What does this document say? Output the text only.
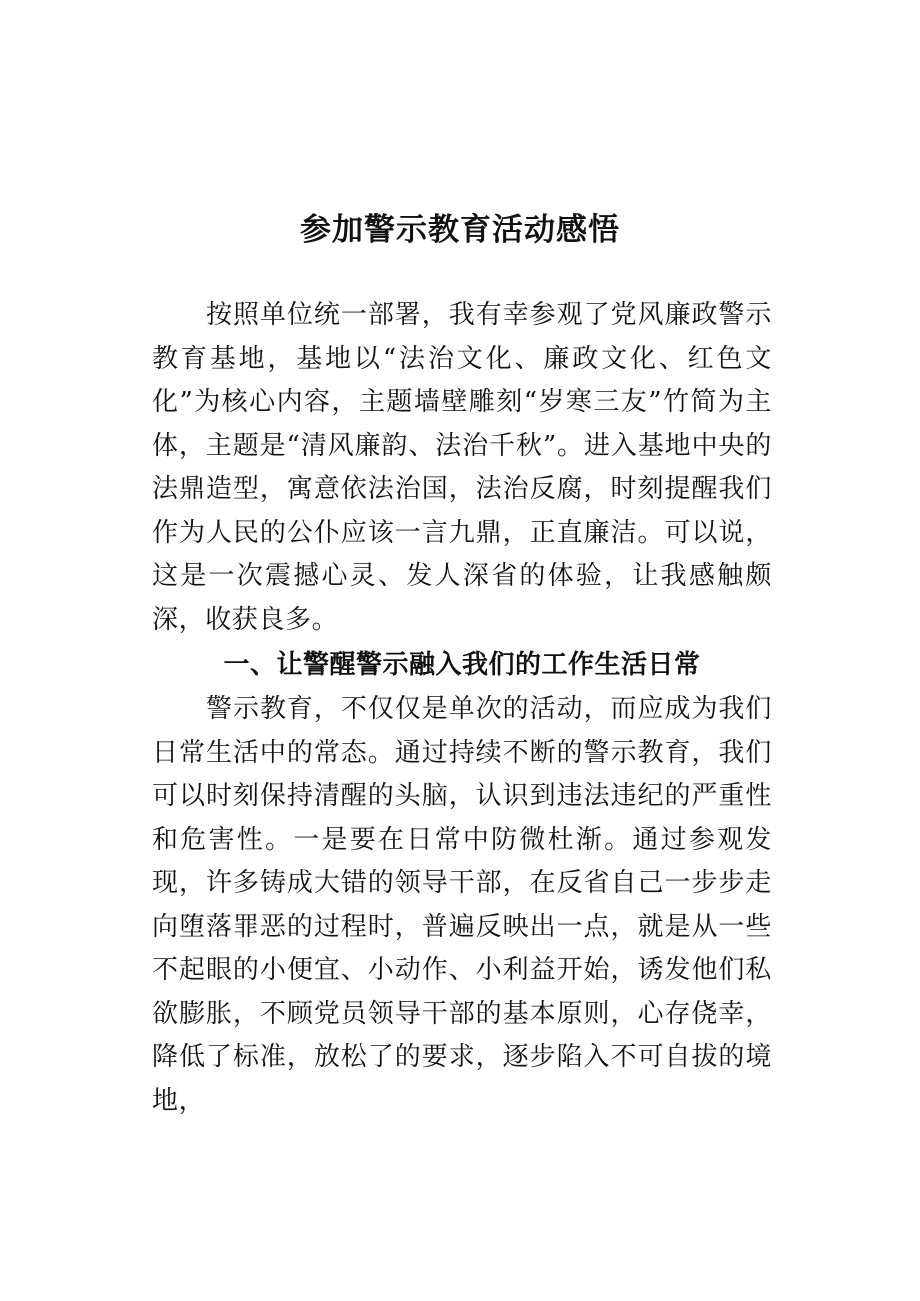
参加警示教育活动感悟

按照单位统一部署，我有幸参观了党风廉政警示教育基地，基地以“法治文化、廉政文化、红色文化”为核心内容，主题墙壁雕刻“岁寒三友”竹简为主体，主题是“清风廉韵、法治千秋”。进入基地中央的法鼎造型，寓意依法治国，法治反腐，时刻提醒我们作为人民的公仆应该一言九鼎，正直廉洁。可以说，这是一次震撼心灵、发人深省的体验，让我感触颇深，收获良多。

一、让警醒警示融入我们的工作生活日常

警示教育，不仅仅是单次的活动，而应成为我们日常生活中的常态。通过持续不断的警示教育，我们可以时刻保持清醒的头脑，认识到违法违纪的严重性和危害性。一是要在日常中防微杜渐。通过参观发现，许多铸成大错的领导干部，在反省自己一步步走向堕落罪恶的过程时，普遍反映出一点，就是从一些不起眼的小便宜、小动作、小利益开始，诱发他们私欲膨胀，不顾党员领导干部的基本原则，心存侥幸，降低了标准，放松了的要求，逐步陷入不可自拔的境地，
